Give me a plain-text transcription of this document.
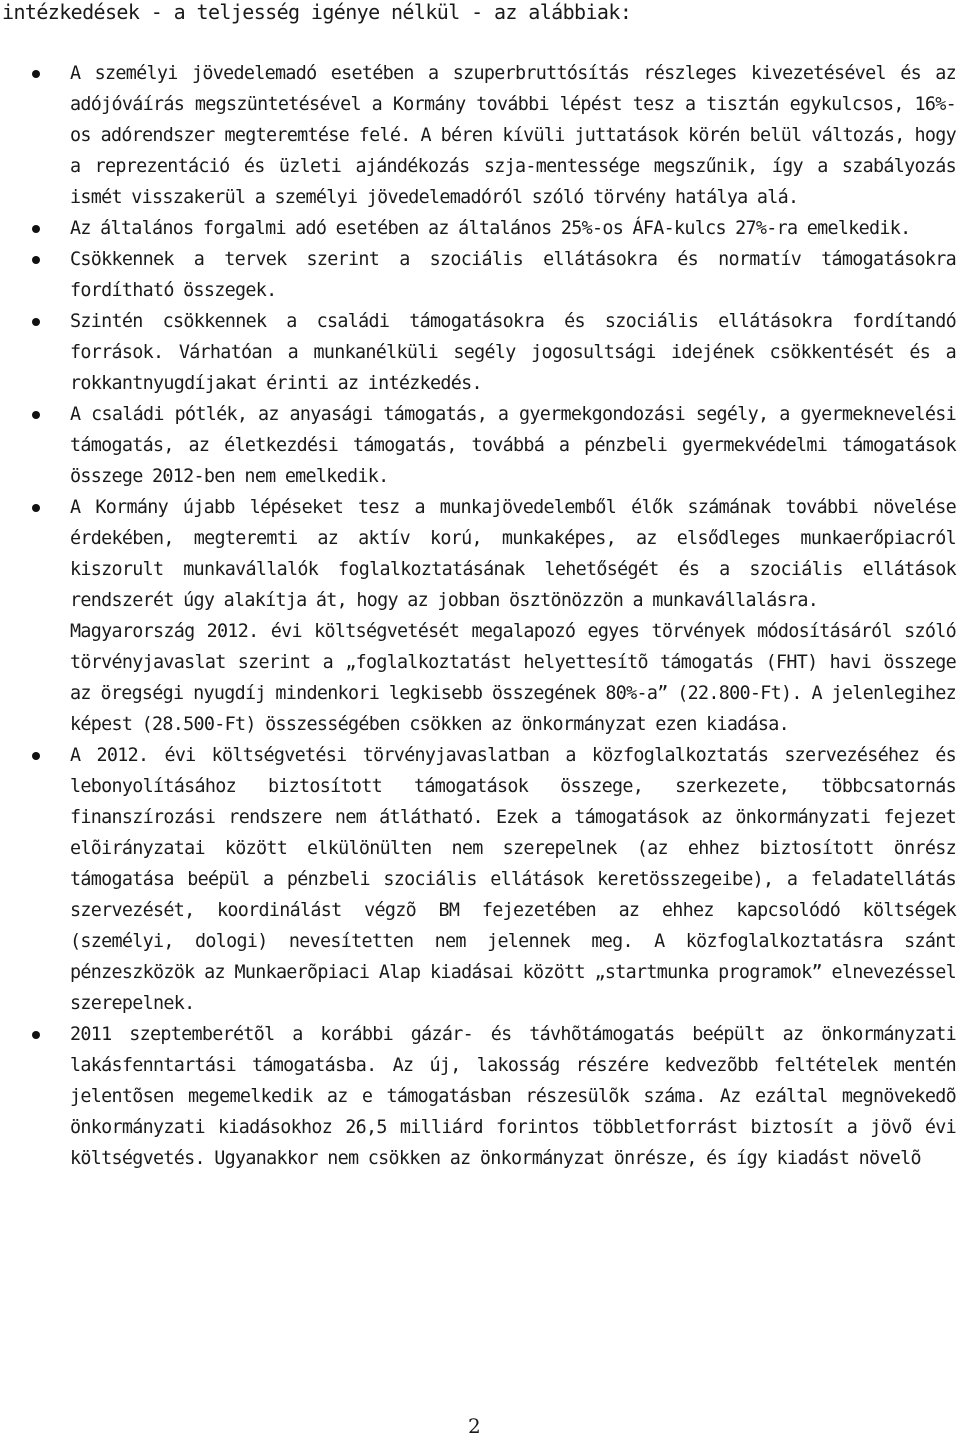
intézkedések - a teljesség igénye nélkül - az alábbiak:
A személyi jövedelemadó esetében a szuperbruttósítás részleges kivezetésével és az adójóváírás megszüntetésével a Kormány további lépést tesz a tisztán egykulcsos, 16%-os adórendszer megteremtése felé. A béren kívüli juttatások körén belül változás, hogy a reprezentáció és üzleti ajándékozás szja-mentessége megszűnik, így a szabályozás ismét visszakerül a személyi jövedelemadóról szóló törvény hatálya alá.
Az általános forgalmi adó esetében az általános 25%-os ÁFA-kulcs 27%-ra emelkedik.
Csökkennek a tervek szerint a szociális ellátásokra és normatív támogatásokra fordítható összegek.
Szintén csökkennek a családi támogatásokra és szociális ellátásokra fordítandó források. Várhatóan a munkanélküli segély jogosultsági idejének csökkentését és a rokkantnyugdíjakat érinti az intézkedés.
A családi pótlék, az anyasági támogatás, a gyermekgondozási segély, a gyermeknevelési támogatás, az életkezdési támogatás, továbbá a pénzbeli gyermekvédelmi támogatások összege 2012-ben nem emelkedik.
A Kormány újabb lépéseket tesz a munkajövedelemből élők számának további növelése érdekében, megteremti az aktív korú, munkaképes, az elsődleges munkaerőpiacról kiszorult munkavállalók foglalkoztatásának lehetőségét és a szociális ellátások rendszerét úgy alakítja át, hogy az jobban ösztönözzön a munkavállalásra.
Magyarország 2012. évi költségvetését megalapozó egyes törvények módosításáról szóló törvényjavaslat szerint a „foglalkoztatást helyettesítõ támogatás (FHT) havi összege az öregségi nyugdíj mindenkori legkisebb összegének 80%-a” (22.800-Ft). A jelenlegihez képest (28.500-Ft) összességében csökken az önkormányzat ezen kiadása.
A 2012. évi költségvetési törvényjavaslatban a közfoglalkoztatás szervezéséhez és lebonyolításához biztosított támogatások összege, szerkezete, többcsatornás finanszírozási rendszere nem átlátható. Ezek a támogatások az önkormányzati fejezet elõirányzatai között elkülönülten nem szerepelnek (az ehhez biztosított önrész támogatása beépül a pénzbeli szociális ellátások keretösszegeibe), a feladatellátás szervezését, koordinálást végzõ BM fejezetében az ehhez kapcsolódó költségek (személyi, dologi) nevesítetten nem jelennek meg. A közfoglalkoztatásra szánt pénzeszközök az Munkaerõpiaci Alap kiadásai között „startmunka programok” elnevezéssel szerepelnek.
2011 szeptemberétõl a korábbi gázár- és távhõtámogatás beépült az önkormányzati lakásfenntartási támogatásba. Az új, lakosság részére kedvezõbb feltételek mentén jelentõsen megemelkedik az e támogatásban részesülõk száma. Az ezáltal megnövekedõ önkormányzati kiadásokhoz 26,5 milliárd forintos többletforrást biztosít a jövõ évi költségvetés. Ugyanakkor nem csökken az önkormányzat önrésze, és így kiadást növelõ
2
